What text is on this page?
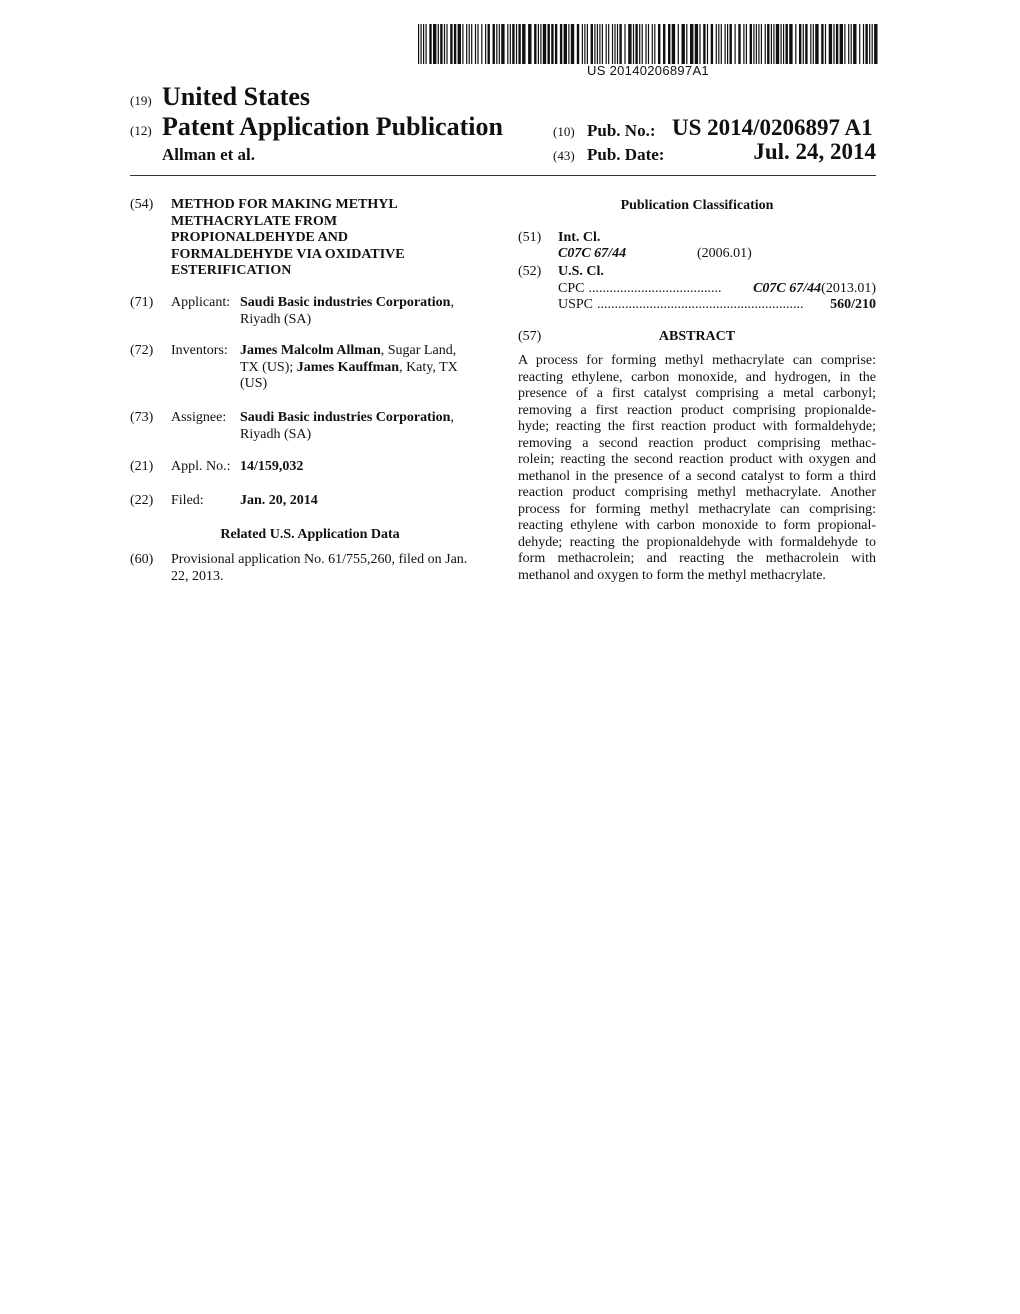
US 20140206897A1
(19) United States
(12) Patent Application Publication
Allman et al.
(10) Pub. No.: US 2014/0206897 A1
(43) Pub. Date:	Jul. 24, 2014
(54) METHOD FOR MAKING METHYL
METHACRYLATE FROM
PROPIONALDEHYDE AND
FORMALDEHYDE VIA OXIDATIVE
ESTERIFICATION
(71) Applicant: Saudi Basic industries Corporation,
Riyadh (SA)
(72) Inventors: James Malcolm Allman, Sugar Land,
TX (US); James Kauffman, Katy, TX
(US)
(73) Assignee: Saudi Basic industries Corporation,
Riyadh (SA)
(21) Appl. No.: 14/159,032
(22) Filed:	Jan. 20, 2014
Related U.S. Application Data
(60) Provisional application No. 61/755,260, filed on Jan.
22, 2013.
Publication Classification
(51) Int. Cl.
C07C 67/44	(2006.01)
(52) U.S. Cl.
CPC ......................................	C07C 67/44 (2013.01)
USPC ...........................................................	560/210
(57)	ABSTRACT
A process for forming methyl methacrylate can comprise:
reacting ethylene, carbon monoxide, and hydrogen, in the
presence of a first catalyst comprising a metal carbonyl;
removing a first reaction product comprising propionalde-
hyde; reacting the first reaction product with formaldehyde;
removing a second reaction product comprising methac-
rolein; reacting the second reaction product with oxygen and
methanol in the presence of a second catalyst to form a third
reaction product comprising methyl methacrylate. Another
process for forming methyl methacrylate can comprising:
reacting ethylene with carbon monoxide to form propional-
dehyde; reacting the propionaldehyde with formaldehyde to
form methacrolein; and reacting the methacrolein with
methanol and oxygen to form the methyl methacrylate.
